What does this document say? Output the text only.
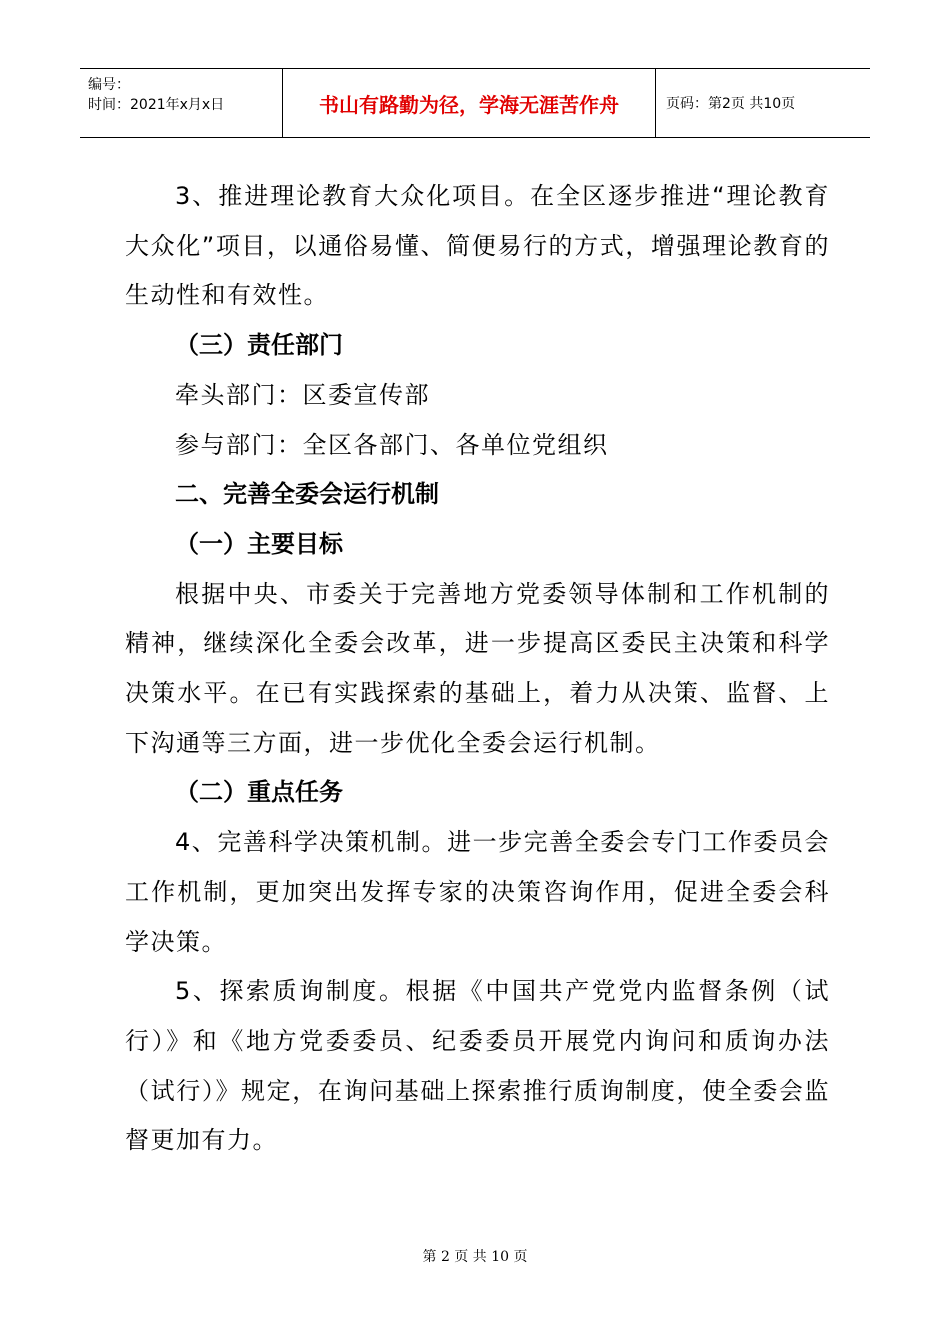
编号：
时间：2021年x月x日	书山有路勤为径，学海无涯苦作舟	页码：第2页 共10页

3、推进理论教育大众化项目。在全区逐步推进“理论教育大众化”项目，以通俗易懂、简便易行的方式，增强理论教育的生动性和有效性。

（三）责任部门

牵头部门：区委宣传部

参与部门：全区各部门、各单位党组织

二、完善全委会运行机制

（一）主要目标

根据中央、市委关于完善地方党委领导体制和工作机制的精神，继续深化全委会改革，进一步提高区委民主决策和科学决策水平。在已有实践探索的基础上，着力从决策、监督、上下沟通等三方面，进一步优化全委会运行机制。

（二）重点任务

4、完善科学决策机制。进一步完善全委会专门工作委员会工作机制，更加突出发挥专家的决策咨询作用，促进全委会科学决策。

5、探索质询制度。根据《中国共产党党内监督条例（试行）》和《地方党委委员、纪委委员开展党内询问和质询办法（试行）》规定，在询问基础上探索推行质询制度，使全委会监督更加有力。

第 2 页 共 10 页
